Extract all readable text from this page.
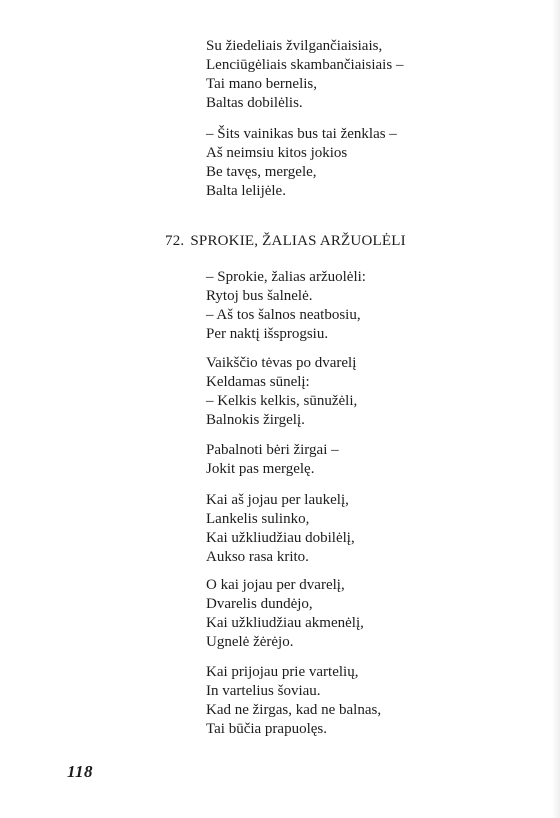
Su žiedeliais žvilgančiaisiais,
Lenciūgėliais skambančiaisiais –
Tai mano bernelis,
Baltas dobilėlis.
– Šits vainikas bus tai ženklas –
Aš neimsiu kitos jokios
Be tavęs, mergele,
Balta lelijėle.
72. SPROKIE, ŽALIAS ARŽUOLĖLI
– Sprokie, žalias aržuolėli:
Rytoj bus šalnelė.
– Aš tos šalnos neatbosiu,
Per naktį išsprogsiu.
Vaikščio tėvas po dvarelį
Keldamas sūnelį:
– Kelkis kelkis, sūnužėli,
Balnokis žirgelį.
Pabalnoti bėri žirgai –
Jokit pas mergelę.
Kai aš jojau per laukelį,
Lankelis sulinko,
Kai užkliudžiau dobilėlį,
Aukso rasa krito.
O kai jojau per dvarelį,
Dvarelis dundėjo,
Kai užkliudžiau akmenėlį,
Ugnelė žėrėjo.
Kai prijojau prie vartelių,
In vartelius šoviau.
Kad ne žirgas, kad ne balnas,
Tai būčia prapuolęs.
118
